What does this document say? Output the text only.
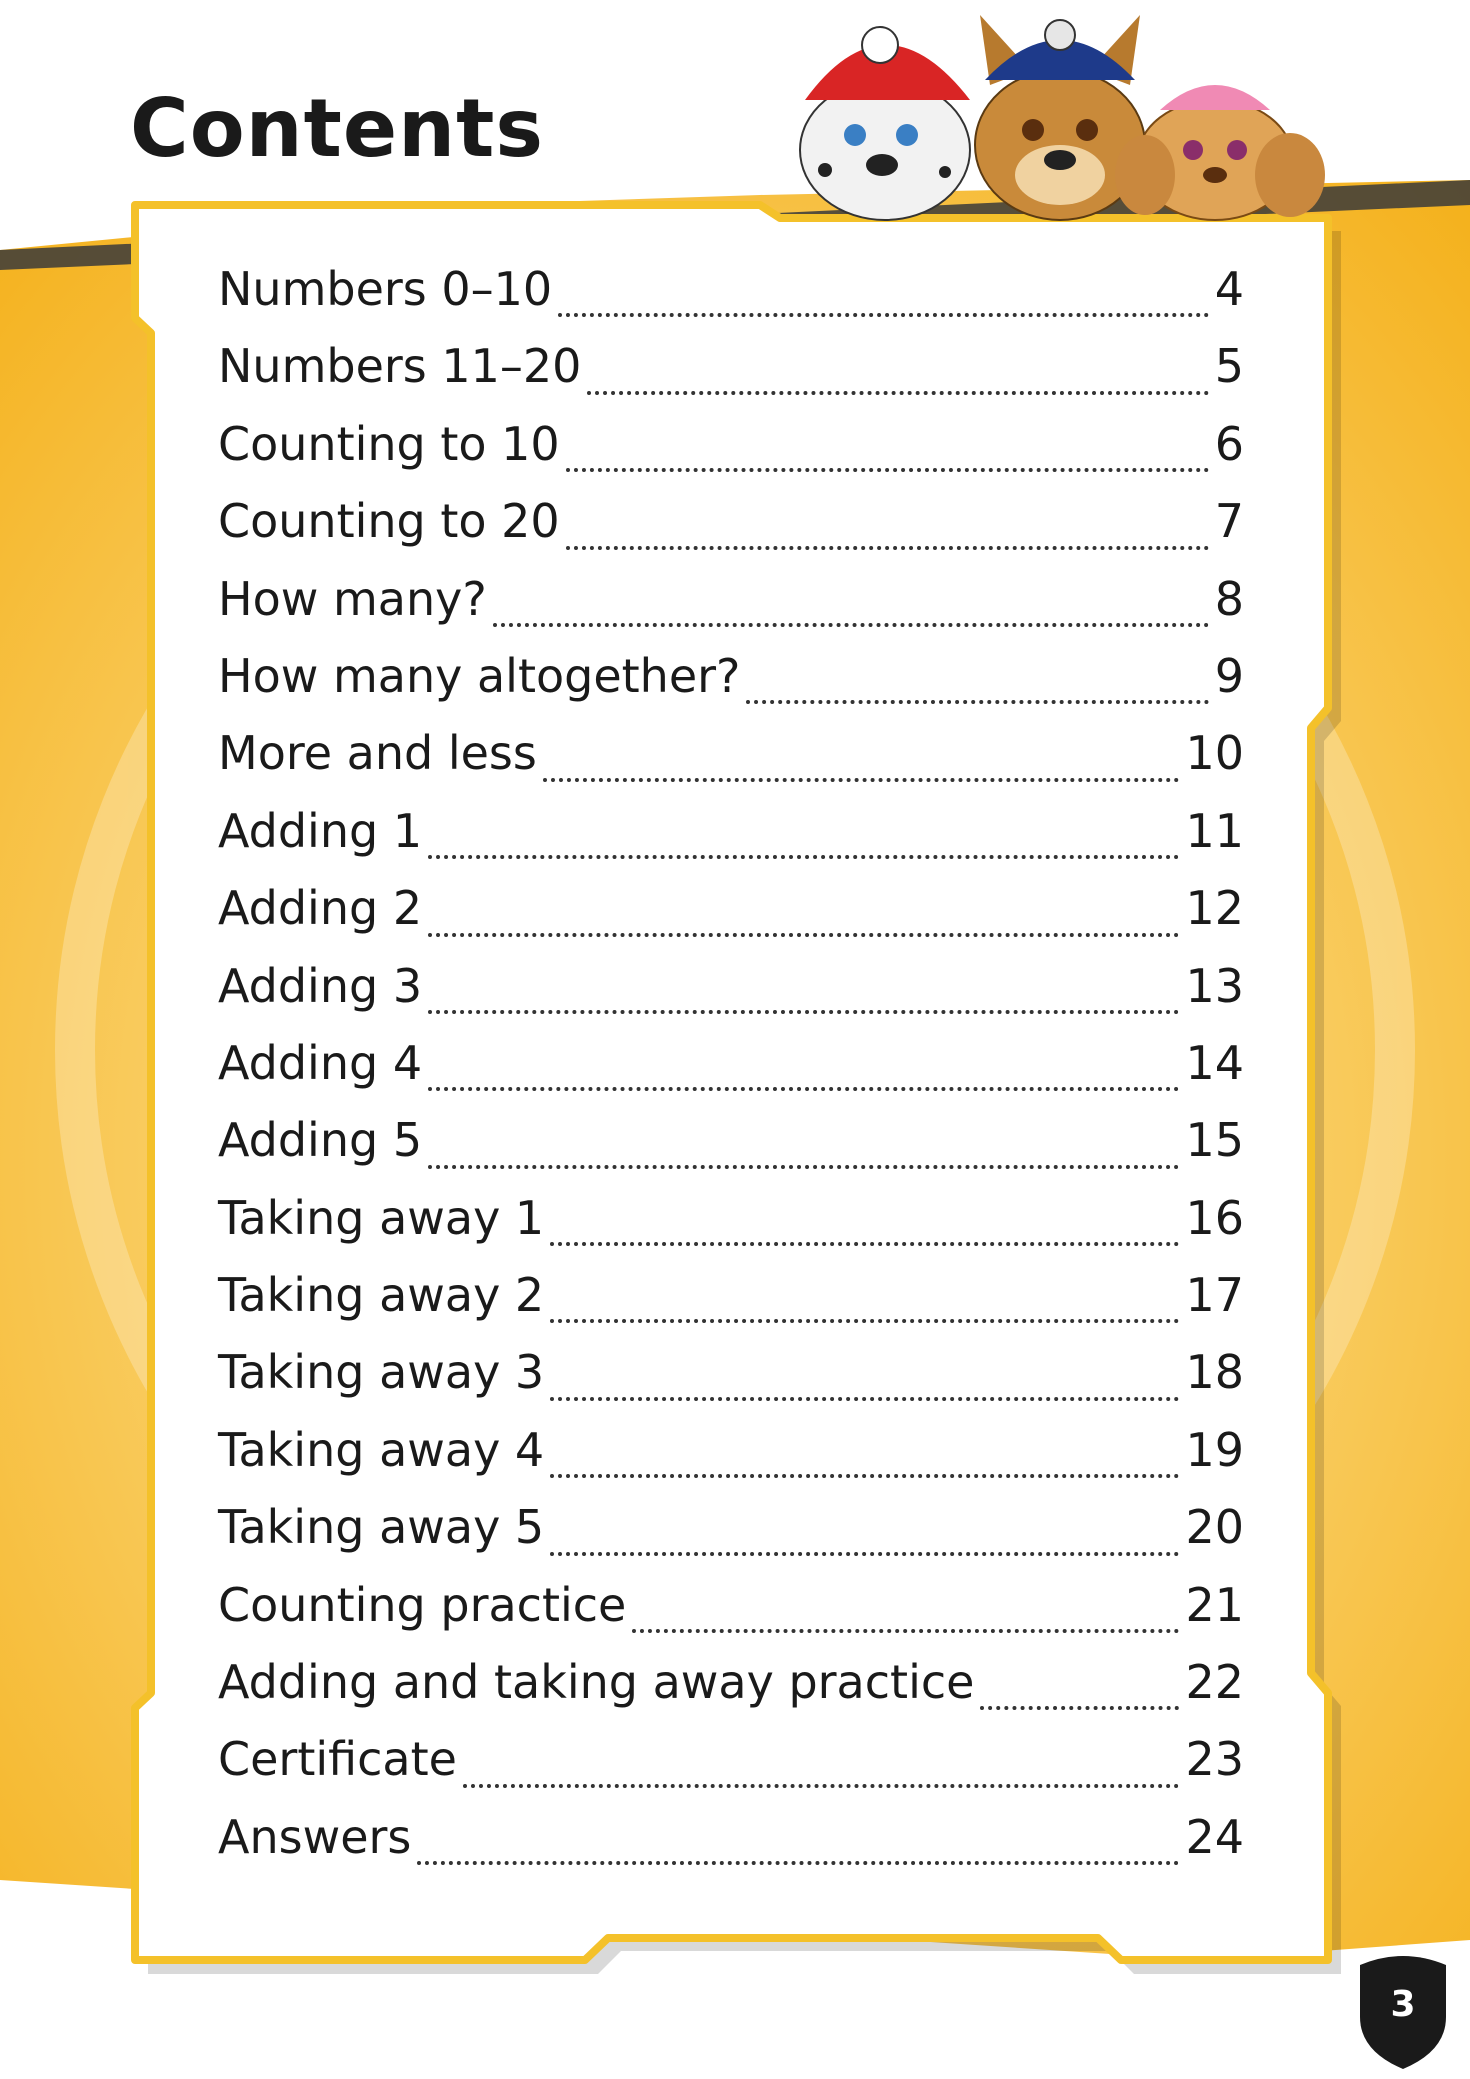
Contents
Numbers 0–10	4
Numbers 11–20	5
Counting to 10	6
Counting to 20	7
How many?	8
How many altogether?	9
More and less	10
Adding 1	11
Adding 2	12
Adding 3	13
Adding 4	14
Adding 5	15
Taking away 1	16
Taking away 2	17
Taking away 3	18
Taking away 4	19
Taking away 5	20
Counting practice	21
Adding and taking away practice	22
Certificate	23
Answers	24
3
